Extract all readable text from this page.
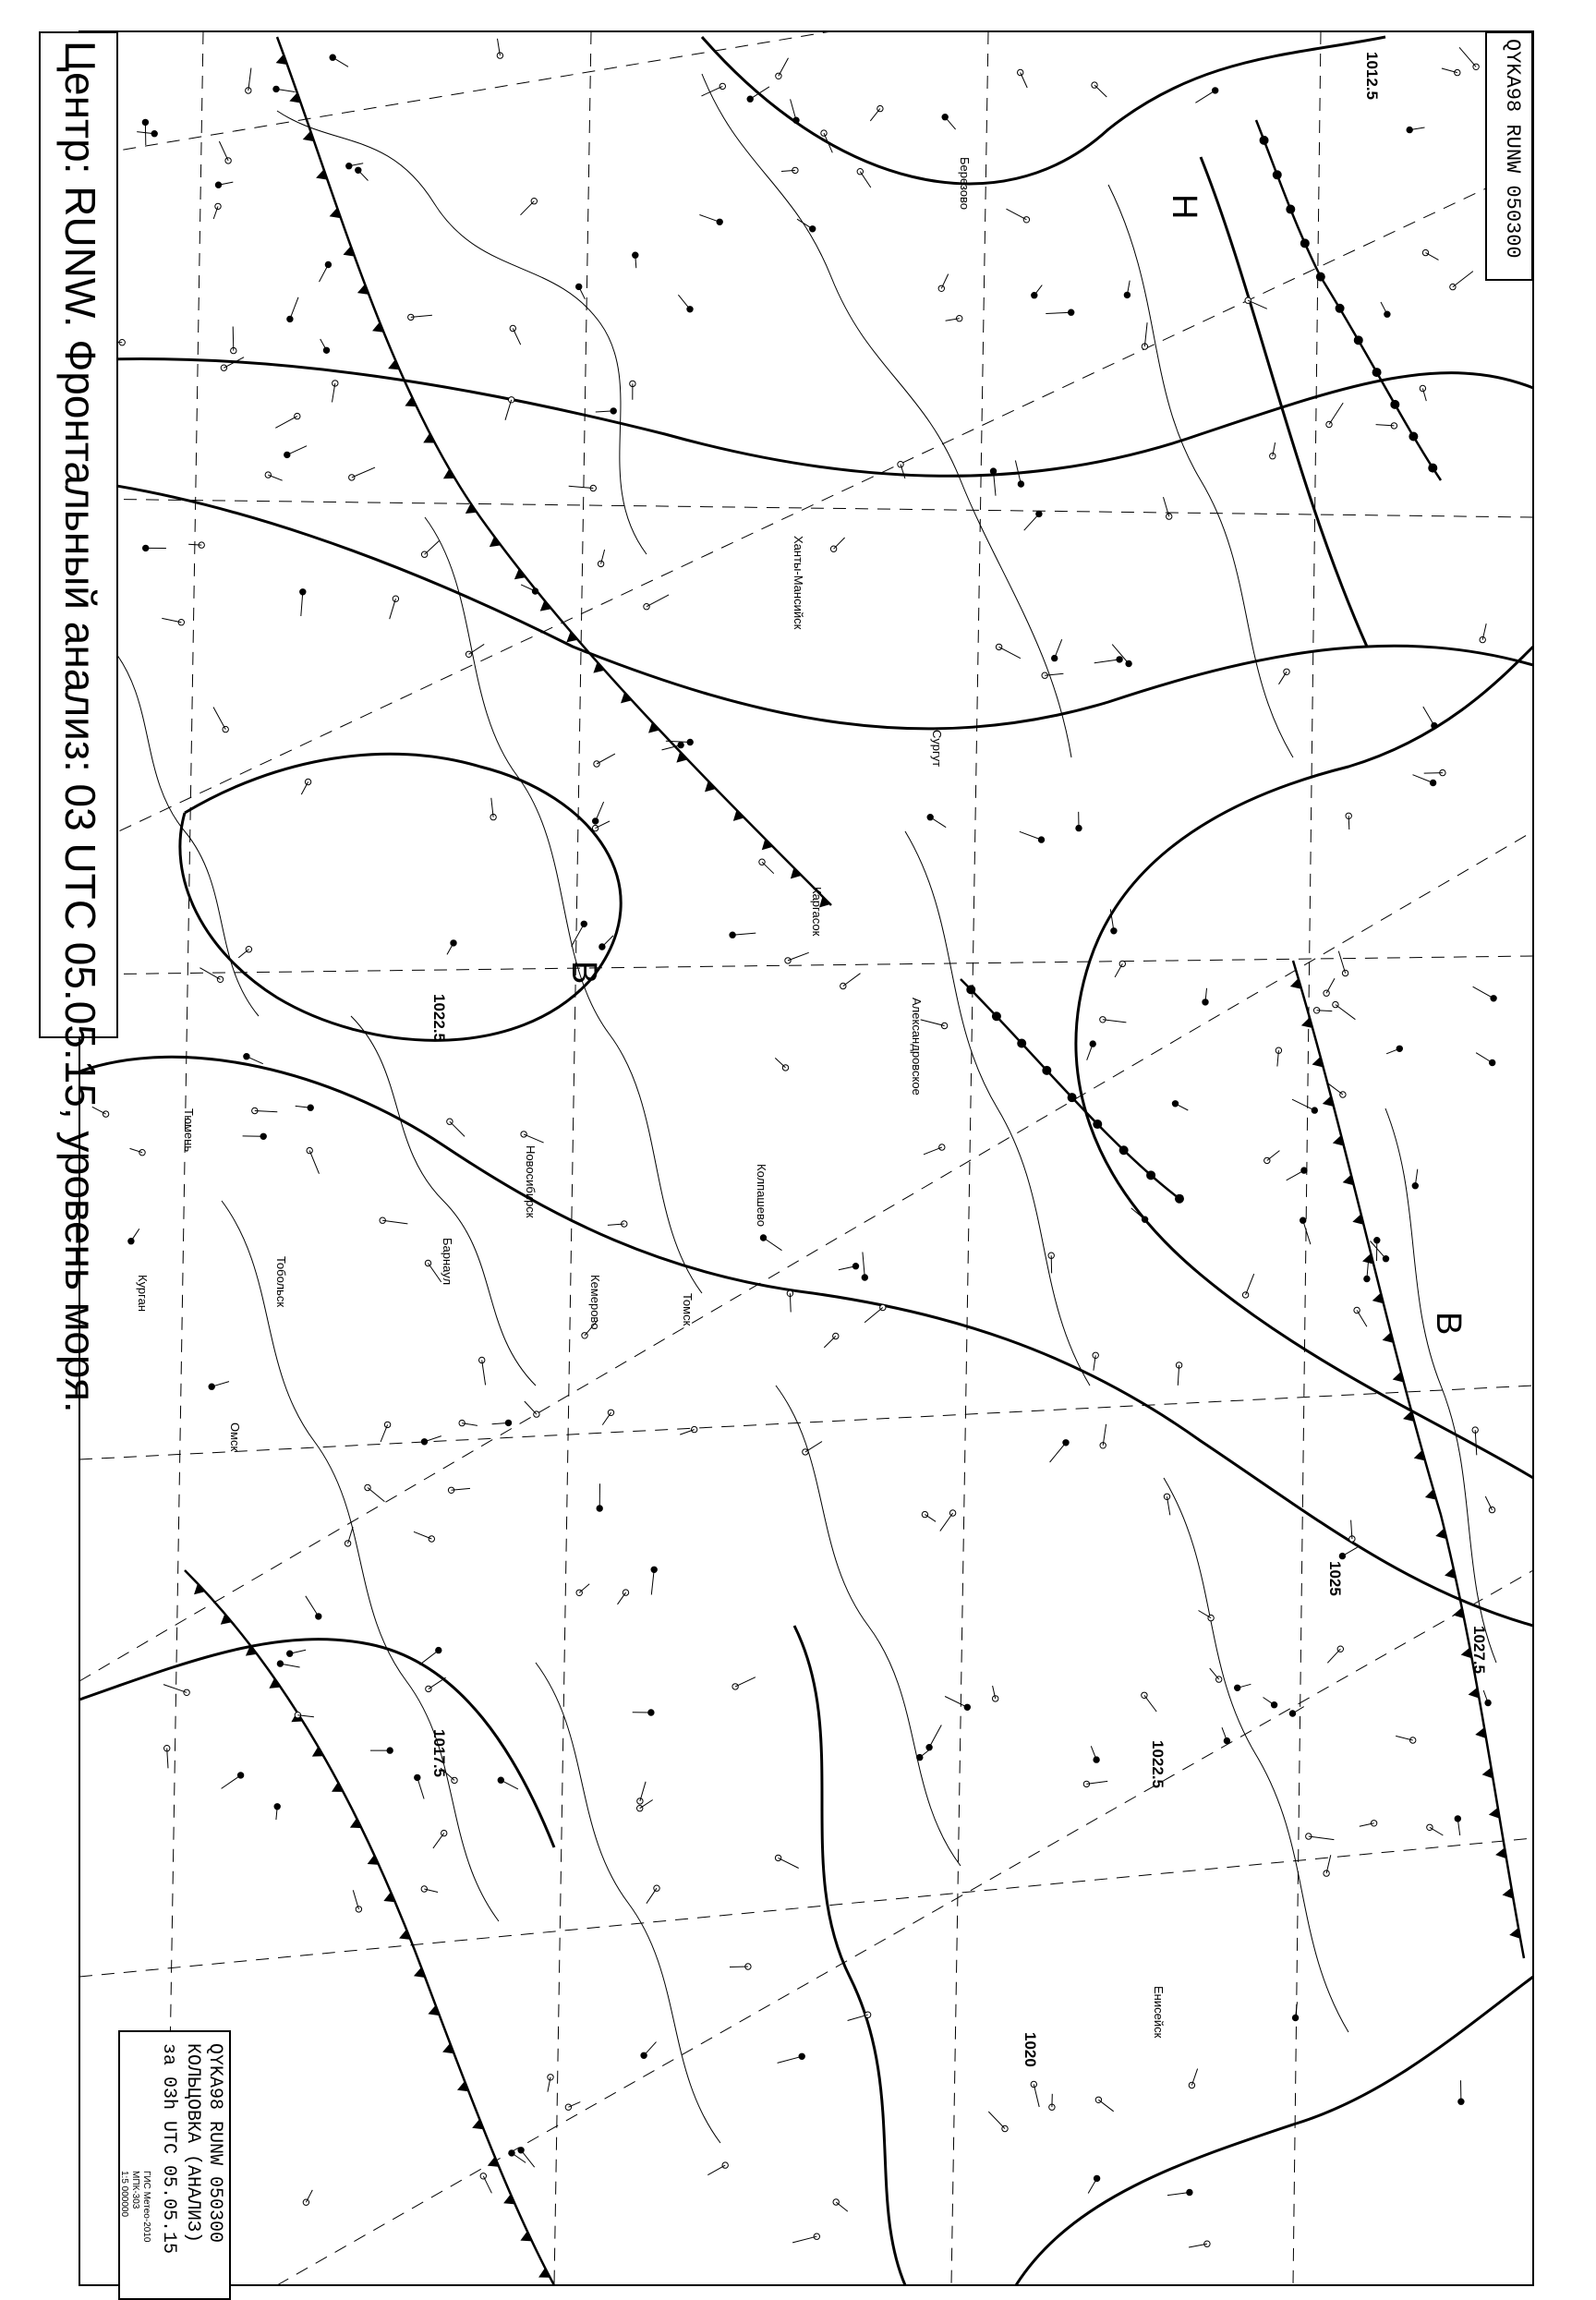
Н
В
В
1012.5
1022.5
1022.5
1020
1025
1027.5
1017.5
Ханты-Мансийск
Новосибирск
Барнаул
Кемерово	Томск
Александровское
Березово
Каргасок
Тобольск
Омск
Тюмень
Курган
Сургут
Колпашево
Енисейск
Центр: RUNW. Фронтальный анализ: 03 UTC 05.05.15, уровень моря.	QYKA98 RUNW 050300
QYKA98 RUNW 050300
КОЛЬЦОВКА (АНАЛИЗ)
за 03h UTC 05.05.15
ГИС Метео-2010
МПК-303
1:5 000000
